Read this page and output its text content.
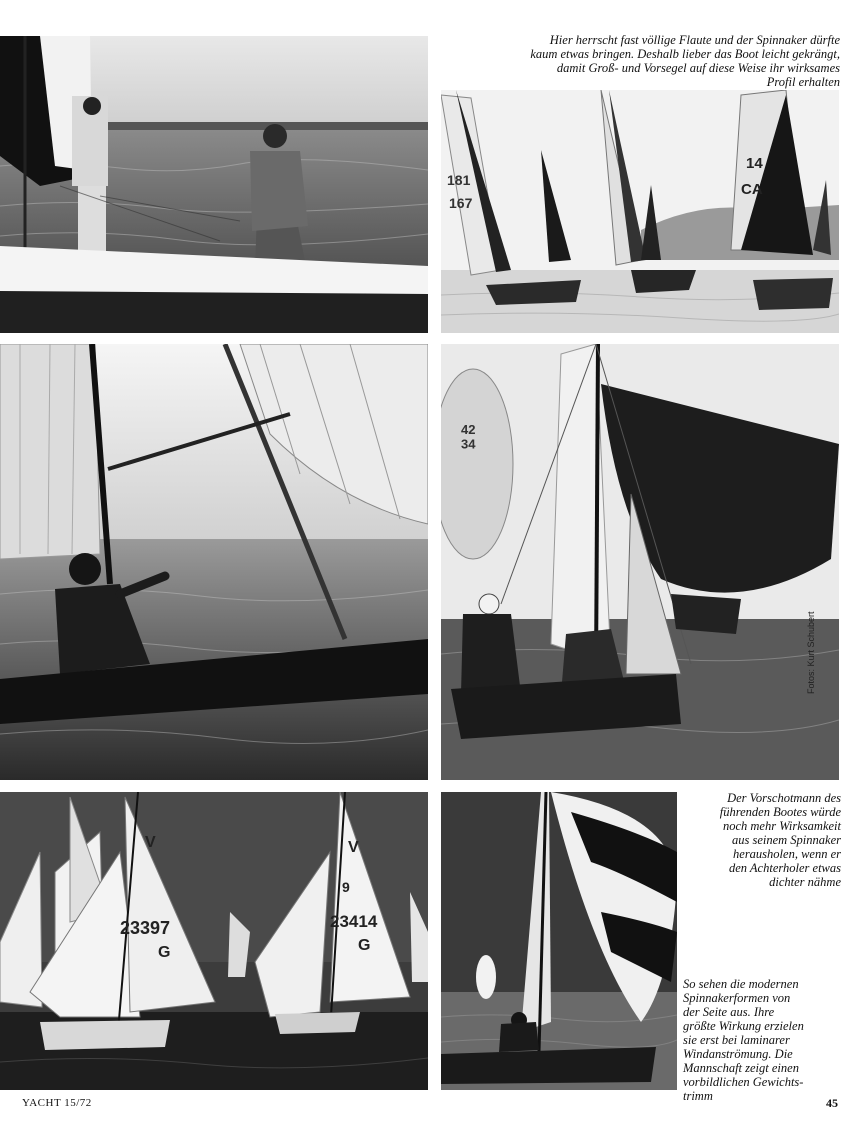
Hier herrscht fast völlige Flaute und der Spinnaker dürfte
kaum etwas bringen. Deshalb lieber das Boot leicht gekrängt,
damit Groß- und Vorsegel auf diese Weise ihr wirksames
Profil erhalten
181
167
14
CA
42 34
Fotos: Kurt Schubert
Der Vorschotmann des
führenden Bootes würde
noch mehr Wirksamkeit
aus seinem Spinnaker
herausholen, wenn er
den Achterholer etwas
dichter nähme
V
23397
G
V
9
23414
G
So sehen die modernen
Spinnakerformen von
der Seite aus. Ihre
größte Wirkung erzielen
sie erst bei laminarer
Windanströmung. Die
Mannschaft zeigt einen
vorbildlichen Gewichts-
trimm
YACHT 15/72	45
